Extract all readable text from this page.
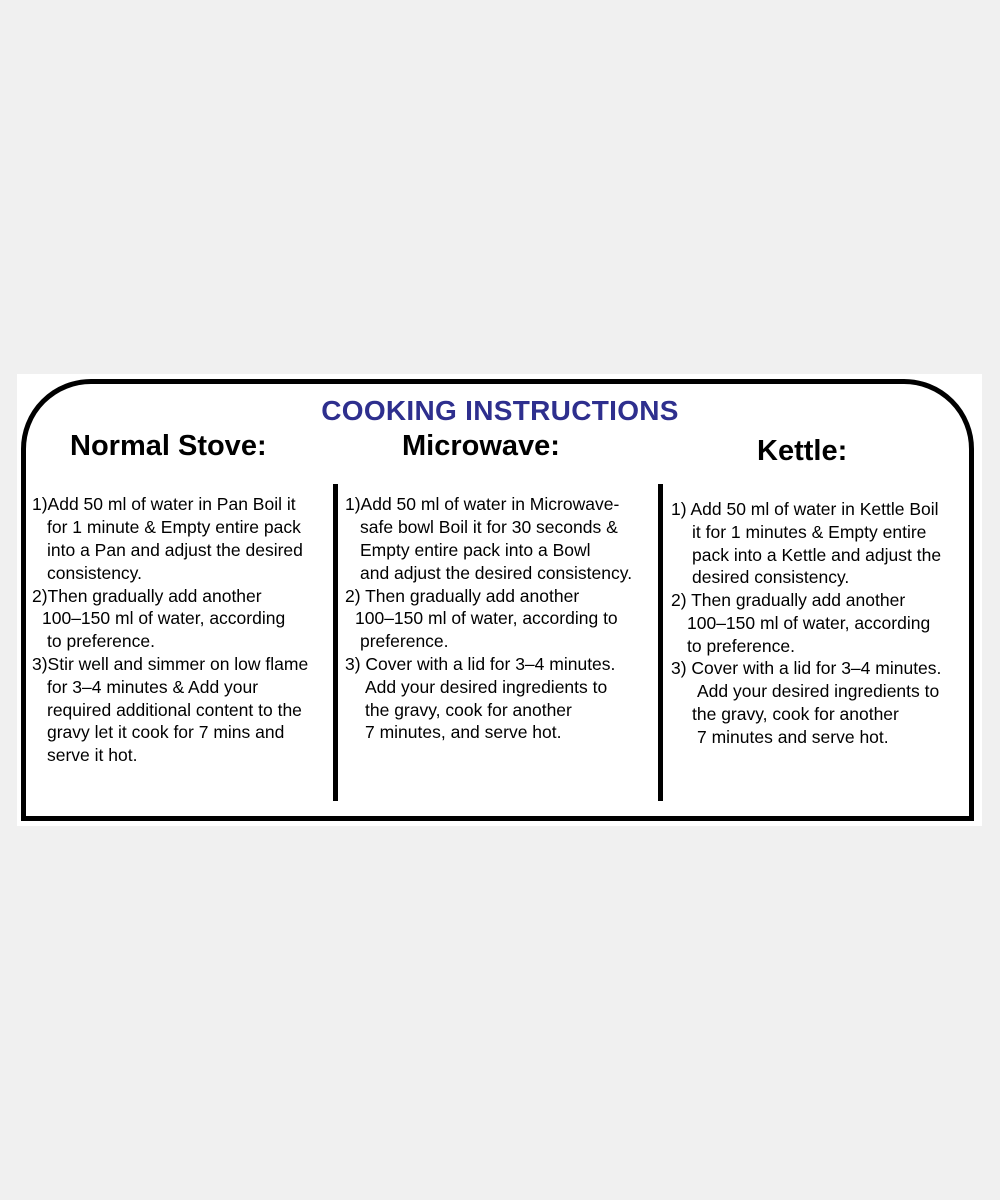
COOKING INSTRUCTIONS
Normal Stove:	Microwave:	Kettle:
1)Add 50 ml of water in Pan Boil it
for 1 minute & Empty entire pack
into a Pan and adjust the desired
consistency.
2)Then gradually add another
100–150 ml of water, according
to preference.
3)Stir well and simmer on low flame
for 3–4 minutes & Add your
required additional content to the
gravy let it cook for 7 mins and
serve it hot.
1)Add 50 ml of water in Microwave-
safe bowl Boil it for 30 seconds &
Empty entire pack into a Bowl
and adjust the desired consistency.
2) Then gradually add another
100–150 ml of water, according to
preference.
3) Cover with a lid for 3–4 minutes.
Add your desired ingredients to
the gravy, cook for another
7 minutes, and serve hot.
1) Add 50 ml of water in Kettle Boil
it for 1 minutes & Empty entire
pack into a Kettle and adjust the
desired consistency.
2) Then gradually add another
100–150 ml of water, according
to preference.
3) Cover with a lid for 3–4 minutes.
Add your desired ingredients to
the gravy, cook for another
7 minutes and serve hot.
